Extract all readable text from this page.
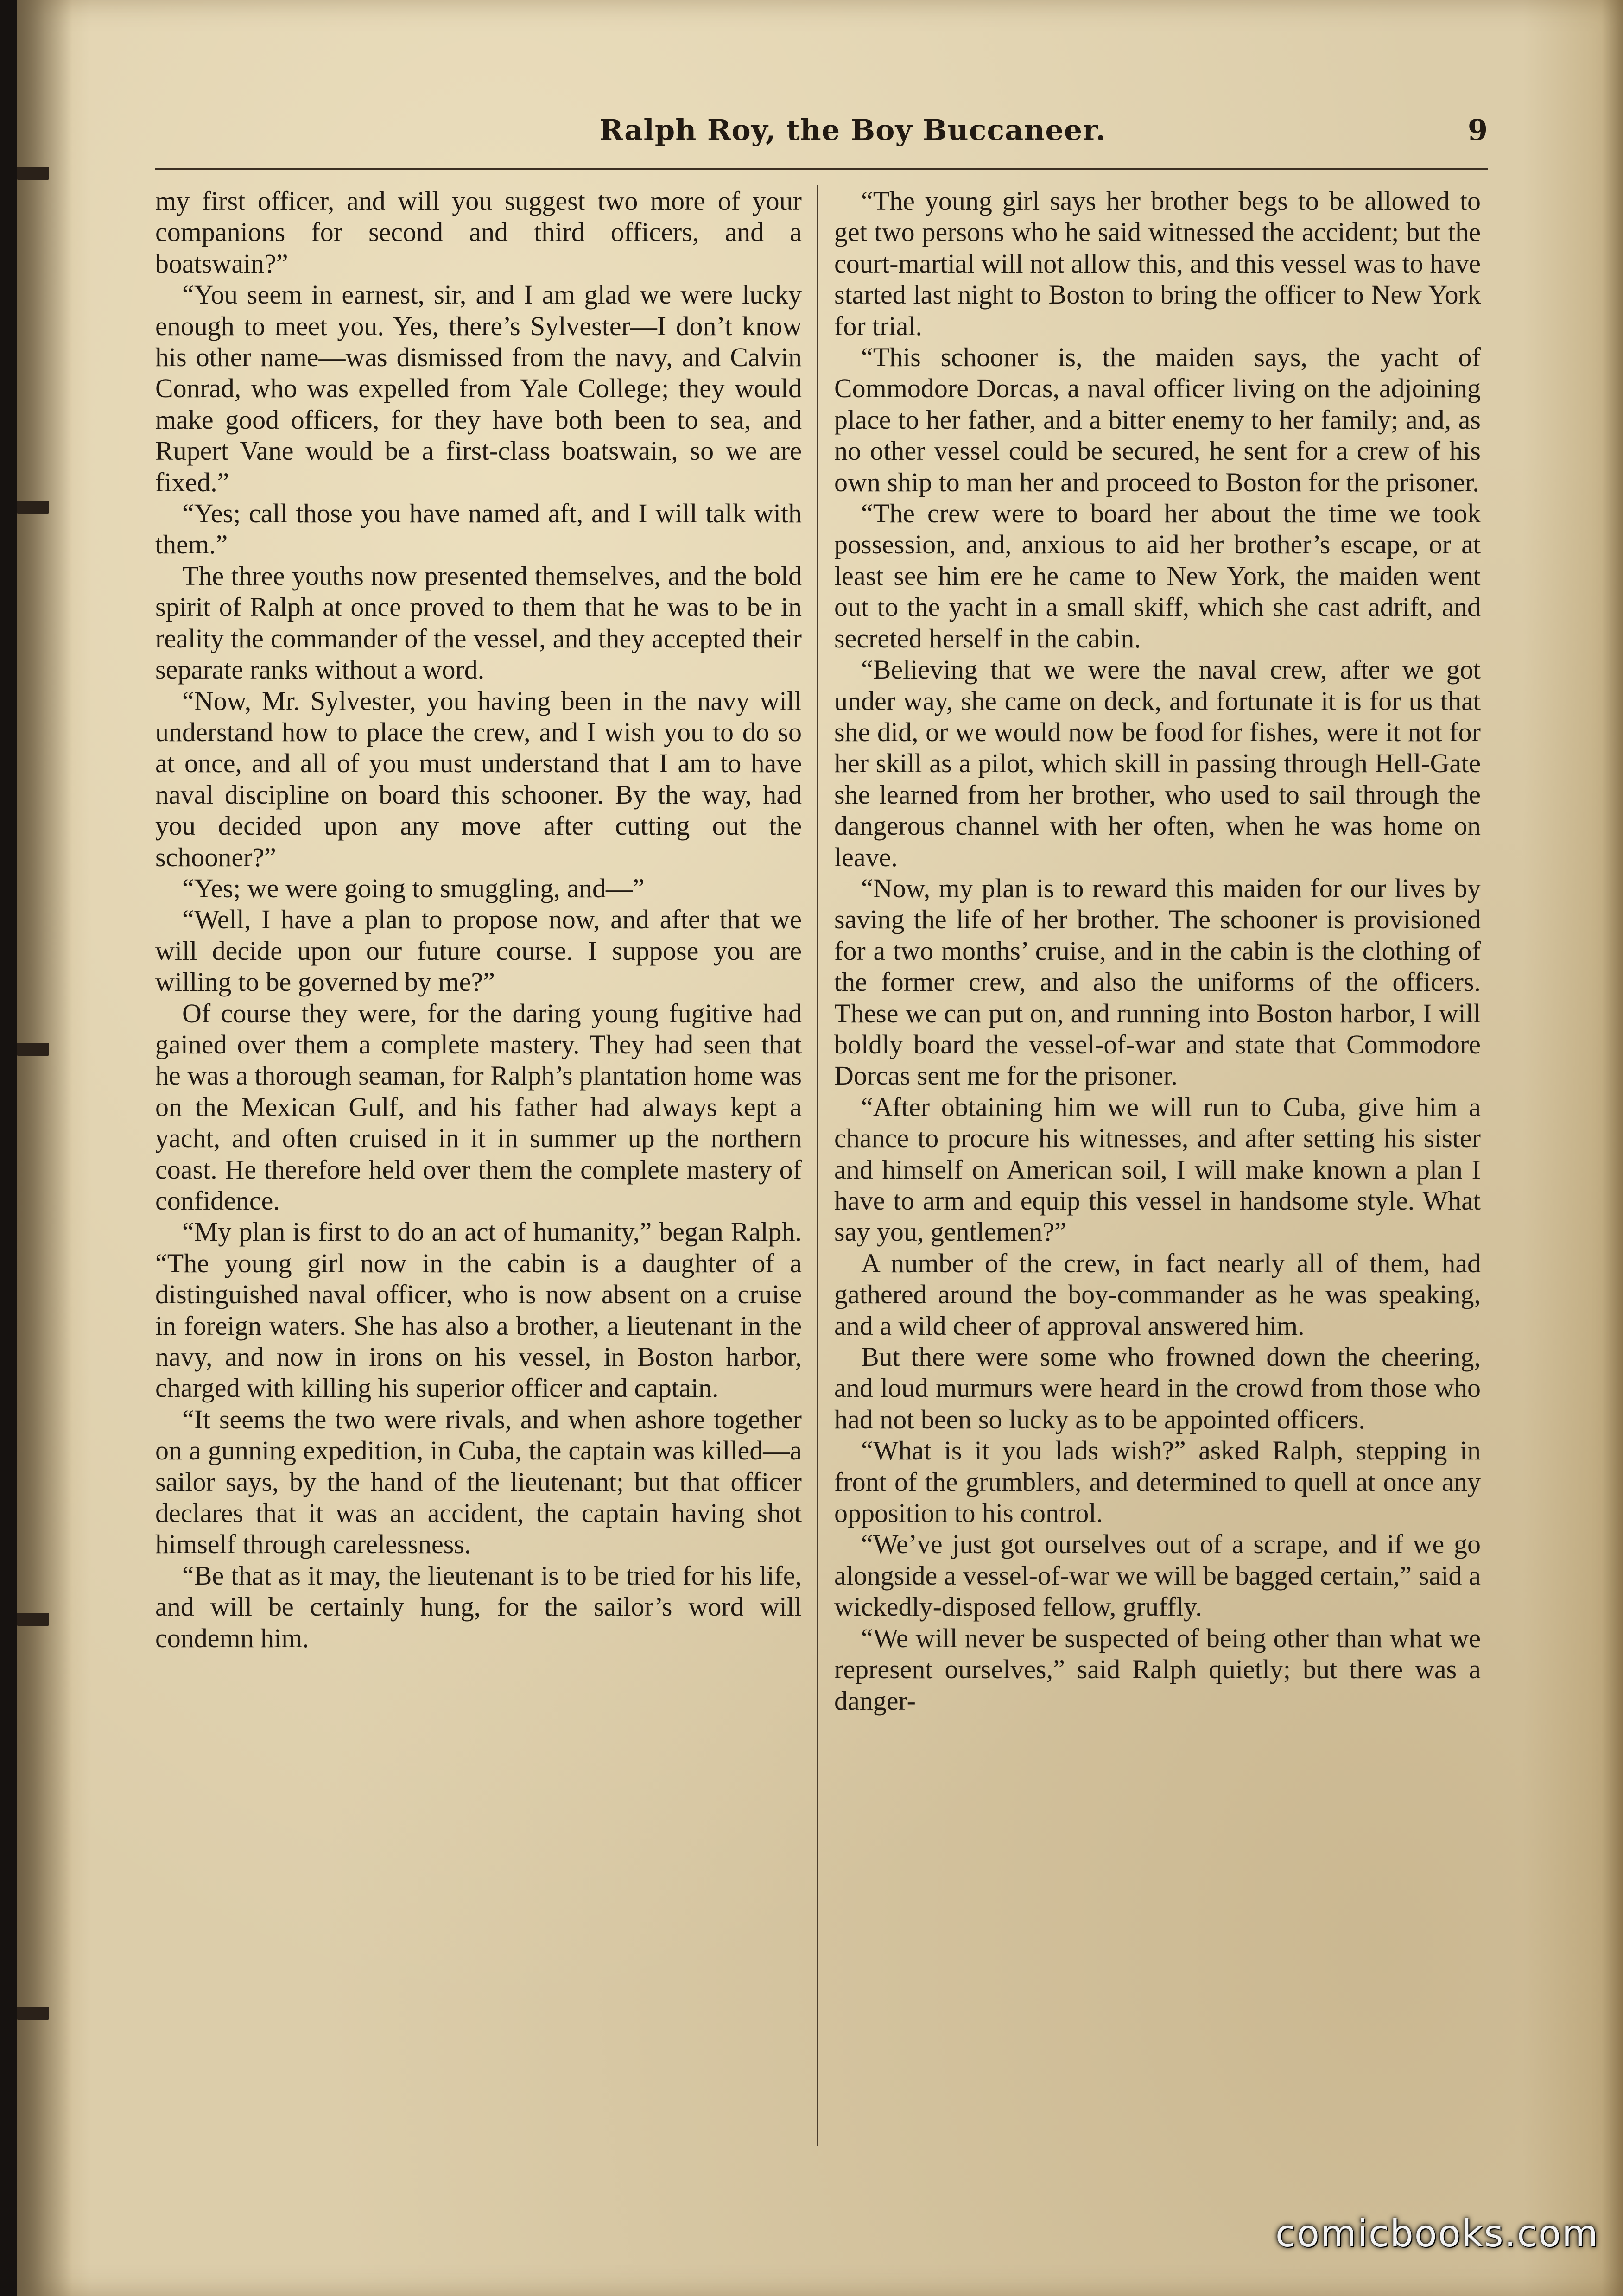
Ralph Roy, the Boy Buccaneer.	9

my first officer, and will you suggest two more of your companions for second and third officers, and a boatswain?”

“You seem in earnest, sir, and I am glad we were lucky enough to meet you. Yes, there’s Sylvester—I don’t know his other name—was dismissed from the navy, and Calvin Conrad, who was expelled from Yale College; they would make good officers, for they have both been to sea, and Rupert Vane would be a first-class boatswain, so we are fixed.”

“Yes; call those you have named aft, and I will talk with them.”

The three youths now presented themselves, and the bold spirit of Ralph at once proved to them that he was to be in reality the commander of the vessel, and they accepted their separate ranks without a word.

“Now, Mr. Sylvester, you having been in the navy will understand how to place the crew, and I wish you to do so at once, and all of you must understand that I am to have naval discipline on board this schooner. By the way, had you decided upon any move after cutting out the schooner?”

“Yes; we were going to smuggling, and—”

“Well, I have a plan to propose now, and after that we will decide upon our future course. I suppose you are willing to be governed by me?”

Of course they were, for the daring young fugitive had gained over them a complete mastery. They had seen that he was a thorough seaman, for Ralph’s plantation home was on the Mexican Gulf, and his father had always kept a yacht, and often cruised in it in summer up the northern coast. He therefore held over them the complete mastery of confidence.

“My plan is first to do an act of humanity,” began Ralph. “The young girl now in the cabin is a daughter of a distinguished naval officer, who is now absent on a cruise in foreign waters. She has also a brother, a lieutenant in the navy, and now in irons on his vessel, in Boston harbor, charged with killing his superior officer and captain.

“It seems the two were rivals, and when ashore together on a gunning expedition, in Cuba, the captain was killed—a sailor says, by the hand of the lieutenant; but that officer declares that it was an accident, the captain having shot himself through carelessness.

“Be that as it may, the lieutenant is to be tried for his life, and will be certainly hung, for the sailor’s word will condemn him.

“The young girl says her brother begs to be allowed to get two persons who he said witnessed the accident; but the court-martial will not allow this, and this vessel was to have started last night to Boston to bring the officer to New York for trial.

“This schooner is, the maiden says, the yacht of Commodore Dorcas, a naval officer living on the adjoining place to her father, and a bitter enemy to her family; and, as no other vessel could be secured, he sent for a crew of his own ship to man her and proceed to Boston for the prisoner.

“The crew were to board her about the time we took possession, and, anxious to aid her brother’s escape, or at least see him ere he came to New York, the maiden went out to the yacht in a small skiff, which she cast adrift, and secreted herself in the cabin.

“Believing that we were the naval crew, after we got under way, she came on deck, and fortunate it is for us that she did, or we would now be food for fishes, were it not for her skill as a pilot, which skill in passing through Hell-Gate she learned from her brother, who used to sail through the dangerous channel with her often, when he was home on leave.

“Now, my plan is to reward this maiden for our lives by saving the life of her brother. The schooner is provisioned for a two months’ cruise, and in the cabin is the clothing of the former crew, and also the uniforms of the officers. These we can put on, and running into Boston harbor, I will boldly board the vessel-of-war and state that Commodore Dorcas sent me for the prisoner.

“After obtaining him we will run to Cuba, give him a chance to procure his witnesses, and after setting his sister and himself on American soil, I will make known a plan I have to arm and equip this vessel in handsome style. What say you, gentlemen?”

A number of the crew, in fact nearly all of them, had gathered around the boy-commander as he was speaking, and a wild cheer of approval answered him.

But there were some who frowned down the cheering, and loud murmurs were heard in the crowd from those who had not been so lucky as to be appointed officers.

“What is it you lads wish?” asked Ralph, stepping in front of the grumblers, and determined to quell at once any opposition to his control.

“We’ve just got ourselves out of a scrape, and if we go alongside a vessel-of-war we will be bagged certain,” said a wickedly-disposed fellow, gruffly.

“We will never be suspected of being other than what we represent ourselves,” said Ralph quietly; but there was a danger-

comicbooks.com
